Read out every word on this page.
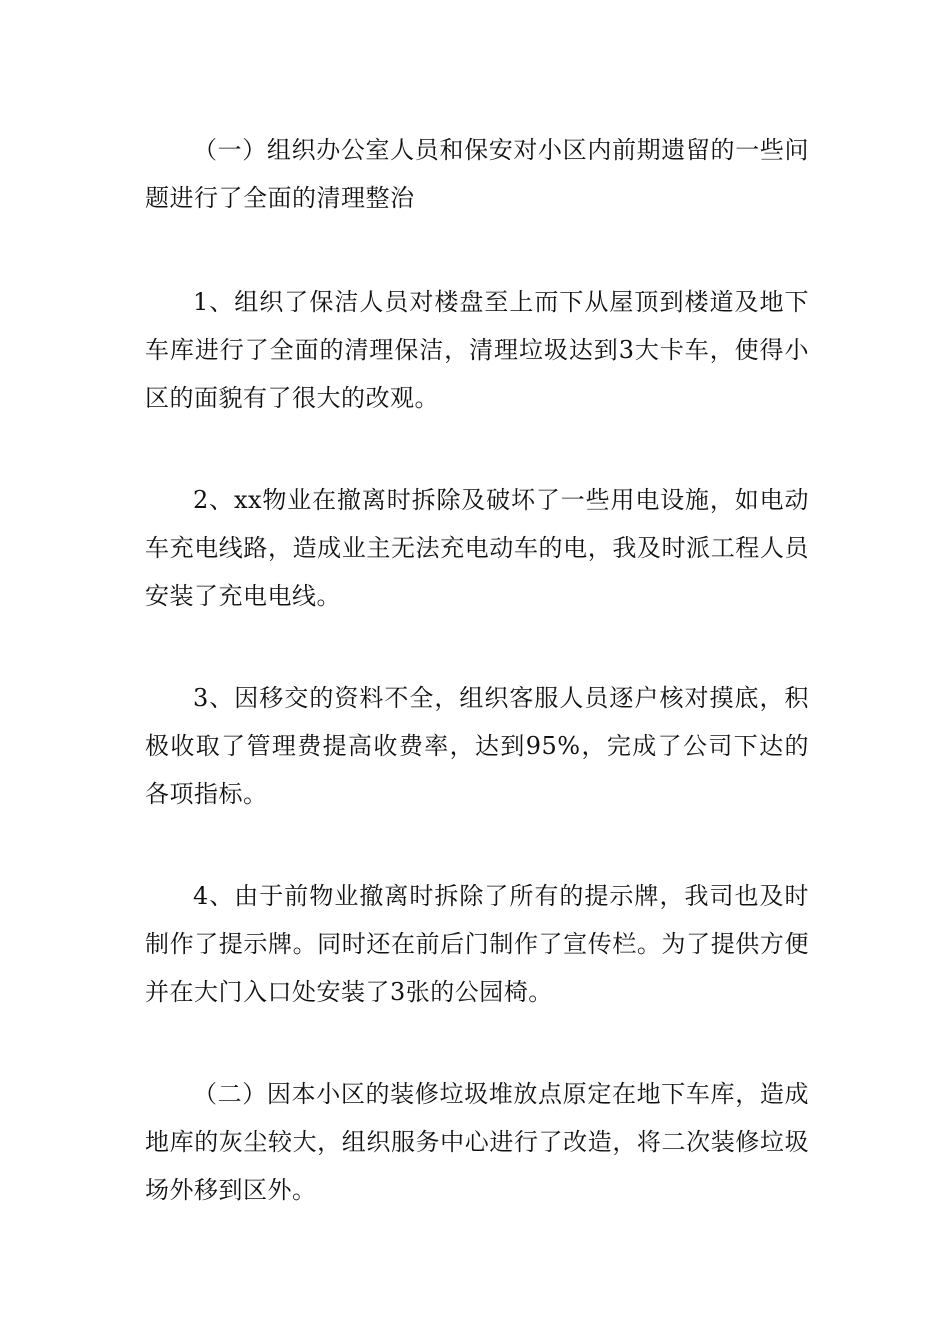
（一）组织办公室人员和保安对小区内前期遗留的一些问题进行了全面的清理整治

1、组织了保洁人员对楼盘至上而下从屋顶到楼道及地下车库进行了全面的清理保洁，清理垃圾达到3大卡车，使得小区的面貌有了很大的改观。

2、xx物业在撤离时拆除及破坏了一些用电设施，如电动车充电线路，造成业主无法充电动车的电，我及时派工程人员安装了充电电线。

3、因移交的资料不全，组织客服人员逐户核对摸底，积极收取了管理费提高收费率，达到95%，完成了公司下达的各项指标。

4、由于前物业撤离时拆除了所有的提示牌，我司也及时制作了提示牌。同时还在前后门制作了宣传栏。为了提供方便并在大门入口处安装了3张的公园椅。

（二）因本小区的装修垃圾堆放点原定在地下车库，造成地库的灰尘较大，组织服务中心进行了改造，将二次装修垃圾场外移到区外。
